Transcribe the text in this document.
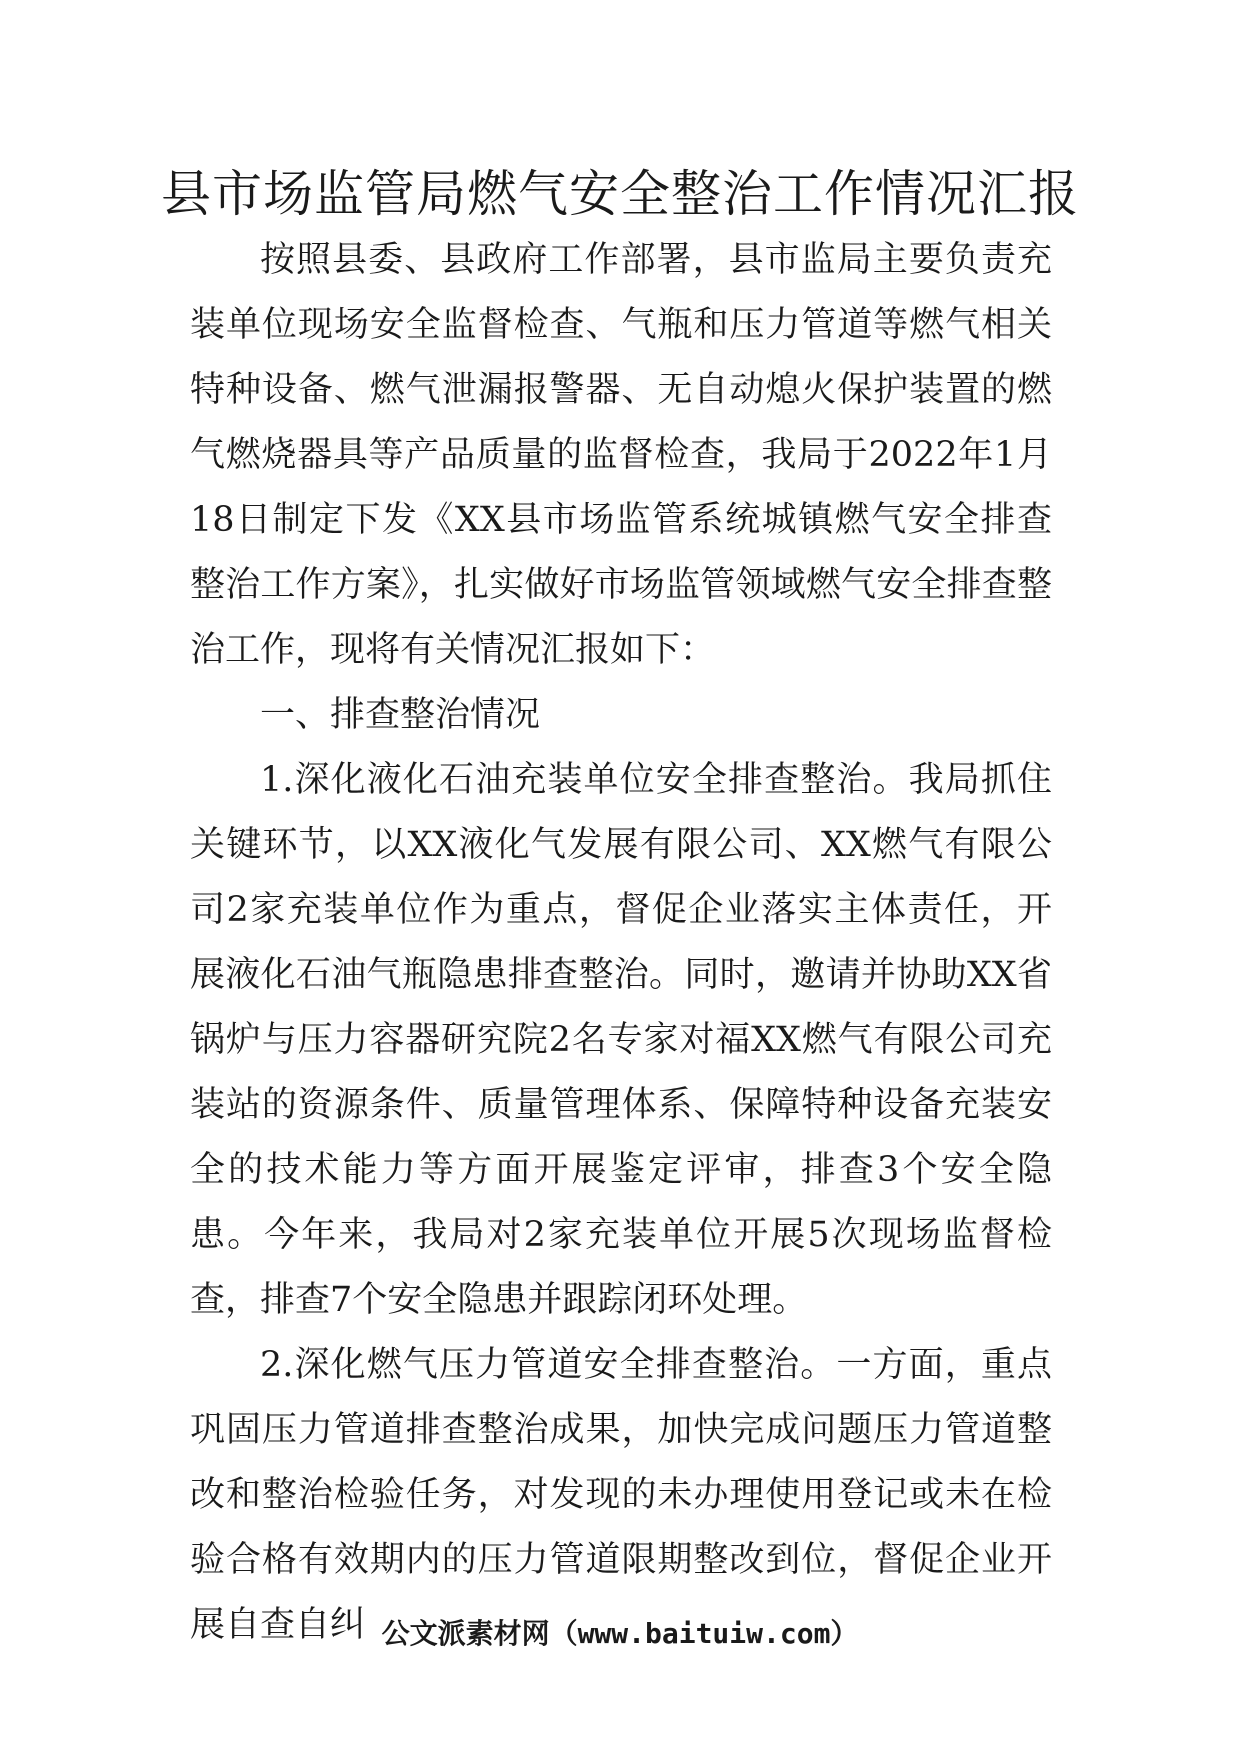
县市场监管局燃气安全整治工作情况汇报

按照县委、县政府工作部署，县市监局主要负责充装单位现场安全监督检查、气瓶和压力管道等燃气相关特种设备、燃气泄漏报警器、无自动熄火保护装置的燃气燃烧器具等产品质量的监督检查，我局于2022年1月18日制定下发《XX县市场监管系统城镇燃气安全排查整治工作方案》，扎实做好市场监管领域燃气安全排查整治工作，现将有关情况汇报如下：

一、排查整治情况

1.深化液化石油充装单位安全排查整治。我局抓住关键环节，以XX液化气发展有限公司、XX燃气有限公司2家充装单位作为重点，督促企业落实主体责任，开展液化石油气瓶隐患排查整治。同时，邀请并协助XX省锅炉与压力容器研究院2名专家对福XX燃气有限公司充装站的资源条件、质量管理体系、保障特种设备充装安全的技术能力等方面开展鉴定评审，排查3个安全隐患。今年来，我局对2家充装单位开展5次现场监督检查，排查7个安全隐患并跟踪闭环处理。

2.深化燃气压力管道安全排查整治。一方面，重点巩固压力管道排查整治成果，加快完成问题压力管道整改和整治检验任务，对发现的未办理使用登记或未在检验合格有效期内的压力管道限期整改到位，督促企业开展自查自纠 公文派素材网（www.baituiw.com）
